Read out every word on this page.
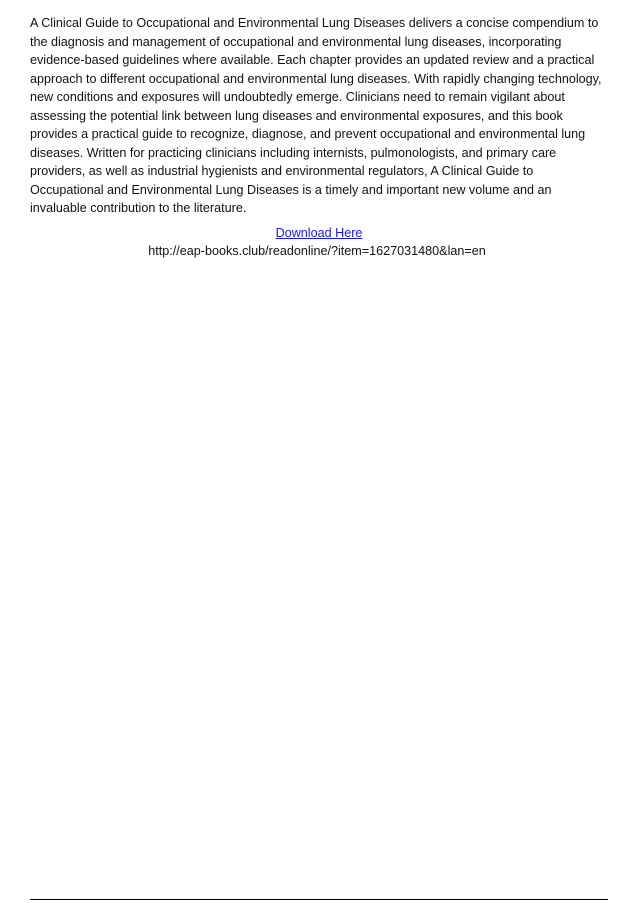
A Clinical Guide to Occupational and Environmental Lung Diseases delivers a concise compendium to the diagnosis and management of occupational and environmental lung diseases, incorporating evidence-based guidelines where available. Each chapter provides an updated review and a practical approach to different occupational and environmental lung diseases. With rapidly changing technology, new conditions and exposures will undoubtedly emerge. Clinicians need to remain vigilant about assessing the potential link between lung diseases and environmental exposures, and this book provides a practical guide to recognize, diagnose, and prevent occupational and environmental lung diseases. Written for practicing clinicians including internists, pulmonologists, and primary care providers, as well as industrial hygienists and environmental regulators, A Clinical Guide to Occupational and Environmental Lung Diseases is a timely and important new volume and an invaluable contribution to the literature.

Download Here
http://eap-books.club/readonline/?item=1627031480&lan=en
